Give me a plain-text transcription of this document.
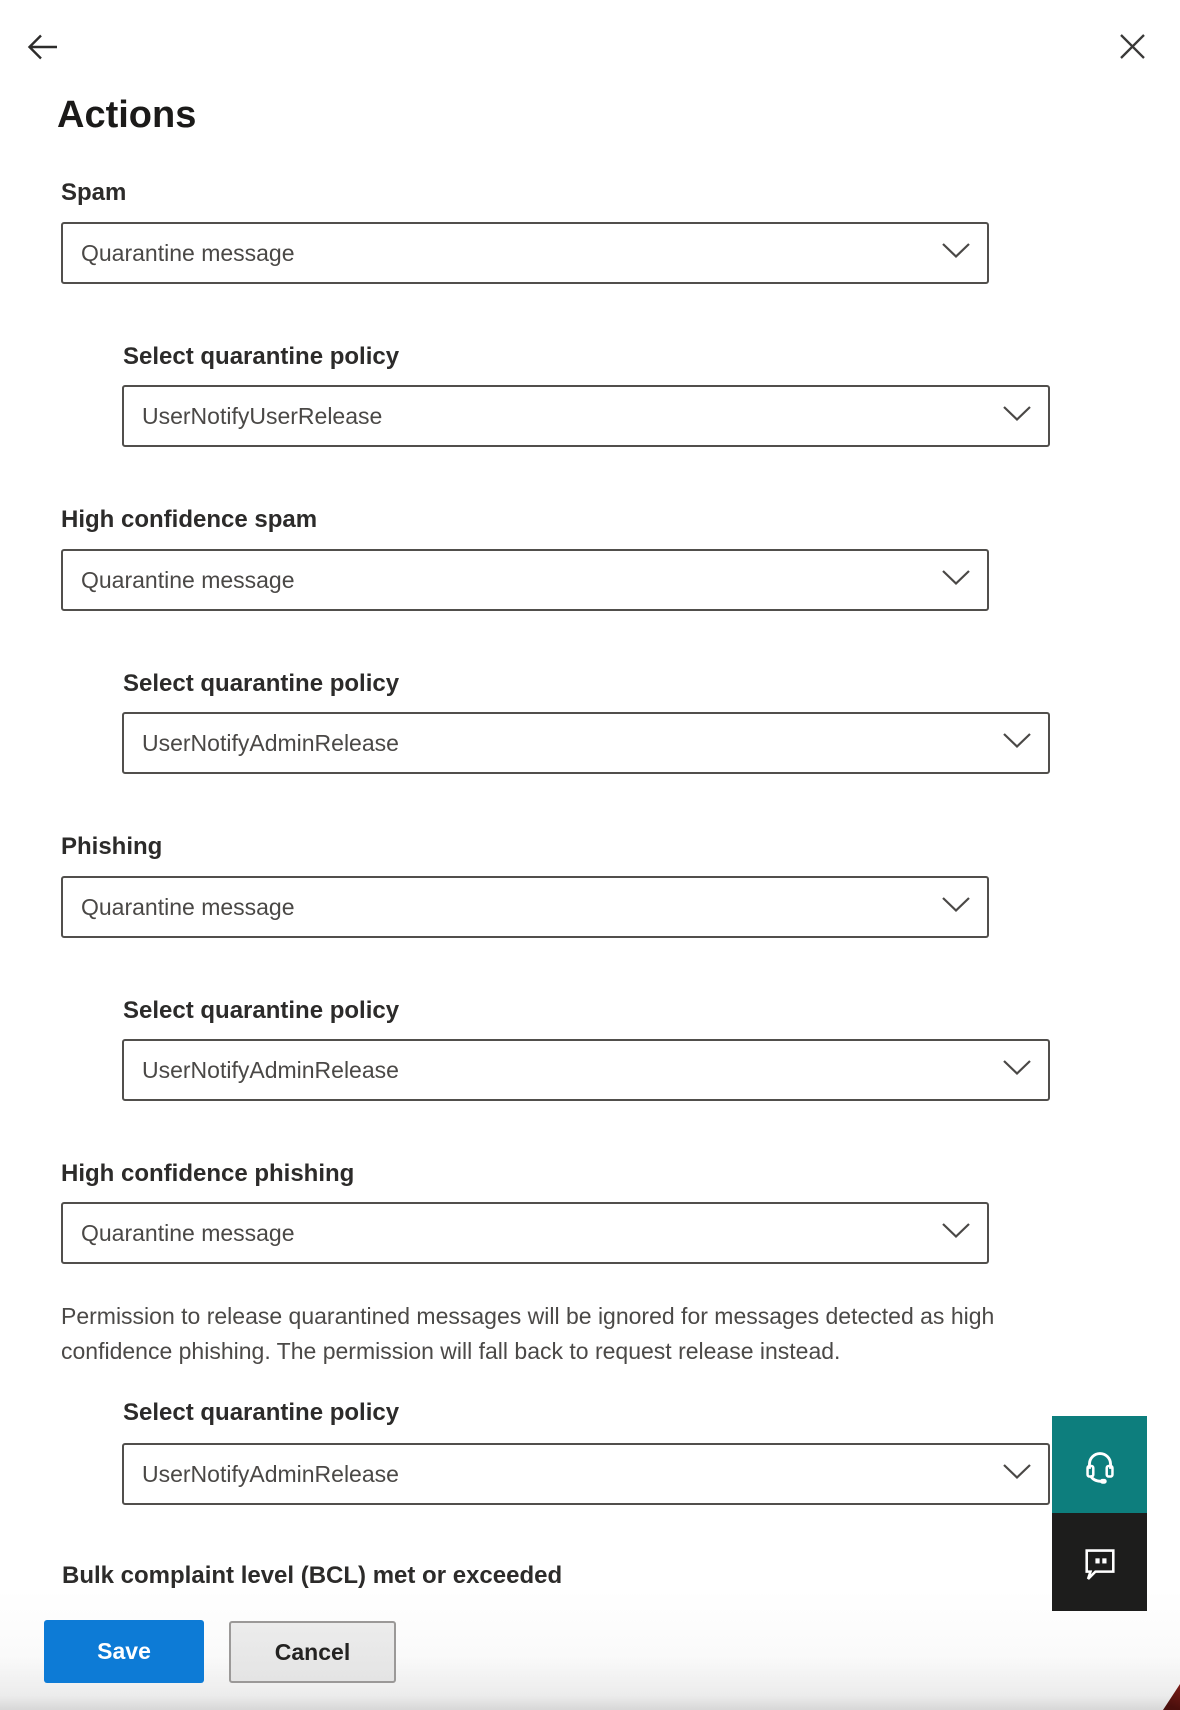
Actions
Spam
Quarantine message
Select quarantine policy
UserNotifyUserRelease
High confidence spam
Quarantine message
Select quarantine policy
UserNotifyAdminRelease
Phishing
Quarantine message
Select quarantine policy
UserNotifyAdminRelease
High confidence phishing
Quarantine message

Permission to release quarantined messages will be ignored for messages detected as high confidence phishing. The permission will fall back to request release instead.

Select quarantine policy
UserNotifyAdminRelease
Bulk complaint level (BCL) met or exceeded
Save	Cancel
